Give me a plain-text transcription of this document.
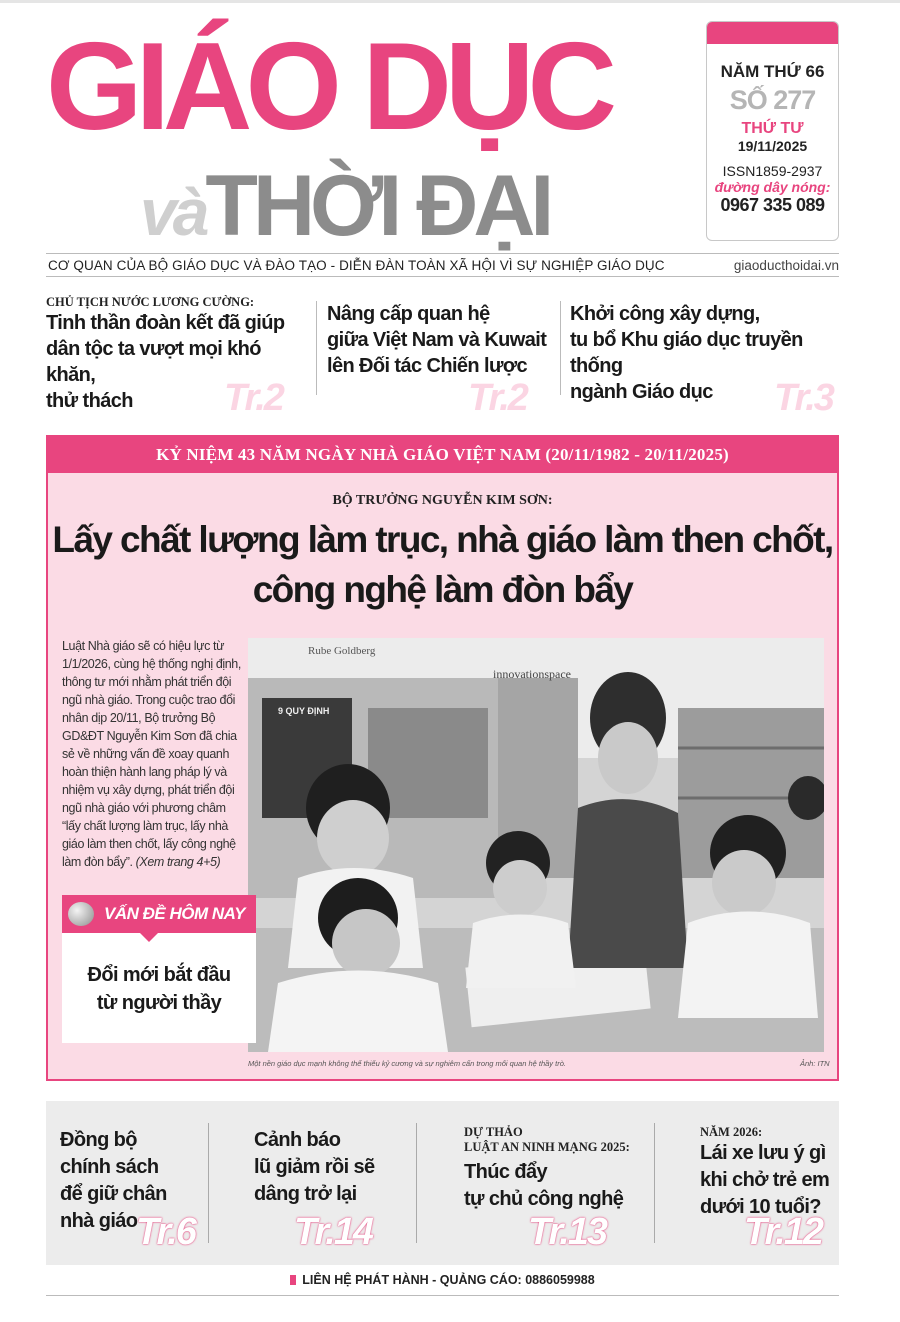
GIÁO DỤC
vàTHỜI ĐẠI
NĂM THỨ 66
SỐ 277
THỨ TƯ
19/11/2025
ISSN1859-2937
đường dây nóng:
0967 335 089
CƠ QUAN CỦA BỘ GIÁO DỤC VÀ ĐÀO TẠO - DIỄN ĐÀN TOÀN XÃ HỘI VÌ SỰ NGHIỆP GIÁO DỤC	giaoducthoidai.vn
CHỦ TỊCH NƯỚC LƯƠNG CƯỜNG:
Tinh thần đoàn kết đã giúp
dân tộc ta vượt mọi khó khăn,
thử thách	Tr.2
Nâng cấp quan hệ
giữa Việt Nam và Kuwait
lên Đối tác Chiến lược
Tr.2
Khởi công xây dựng,
tu bổ Khu giáo dục truyền thống
ngành Giáo dục	Tr.3
KỶ NIỆM 43 NĂM NGÀY NHÀ GIÁO VIỆT NAM (20/11/1982 - 20/11/2025)
BỘ TRƯỞNG NGUYỄN KIM SƠN:
Lấy chất lượng làm trục, nhà giáo làm then chốt,
công nghệ làm đòn bẩy
Luật Nhà giáo sẽ có hiệu lực từ 1/1/2026, cùng hệ thống nghị định, thông tư mới nhằm phát triển đội ngũ nhà giáo. Trong cuộc trao đổi nhân dịp 20/11, Bộ trưởng Bộ GD&ĐT Nguyễn Kim Sơn đã chia sẻ về những vấn đề xoay quanh hoàn thiện hành lang pháp lý và nhiệm vụ xây dựng, phát triển đội ngũ nhà giáo với phương châm “lấy chất lượng làm trục, lấy nhà giáo làm then chốt, lấy công nghệ làm đòn bẩy”. (Xem trang 4+5)
Rube Goldberg
innovationspace
9 QUY ĐỊNH
Một nền giáo dục mạnh không thể thiếu kỷ cương và sự nghiêm cẩn trong mối quan hệ thầy trò.	Ảnh: ITN
VẤN ĐỀ HÔM NAY
Đổi mới bắt đầu
từ người thầy
Đồng bộ
chính sách
để giữ chân
nhà giáo
Tr.6
Cảnh báo
lũ giảm rồi sẽ
dâng trở lại
Tr.14
DỰ THẢO
LUẬT AN NINH MẠNG 2025:
Thúc đẩy
tự chủ công nghệ
Tr.13
NĂM 2026:
Lái xe lưu ý gì
khi chở trẻ em
dưới 10 tuổi?
Tr.12
LIÊN HỆ PHÁT HÀNH - QUẢNG CÁO: 0886059988
